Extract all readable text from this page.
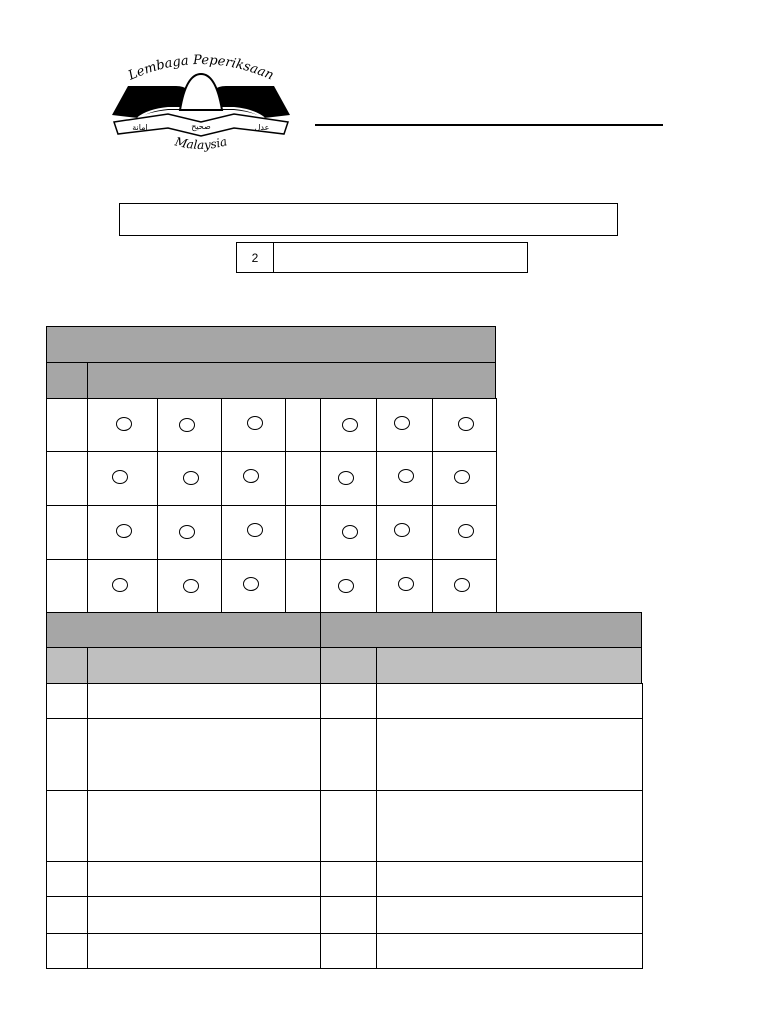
Lembaga Peperiksaan
امانة	صحيح	عدل
Malaysia
2
